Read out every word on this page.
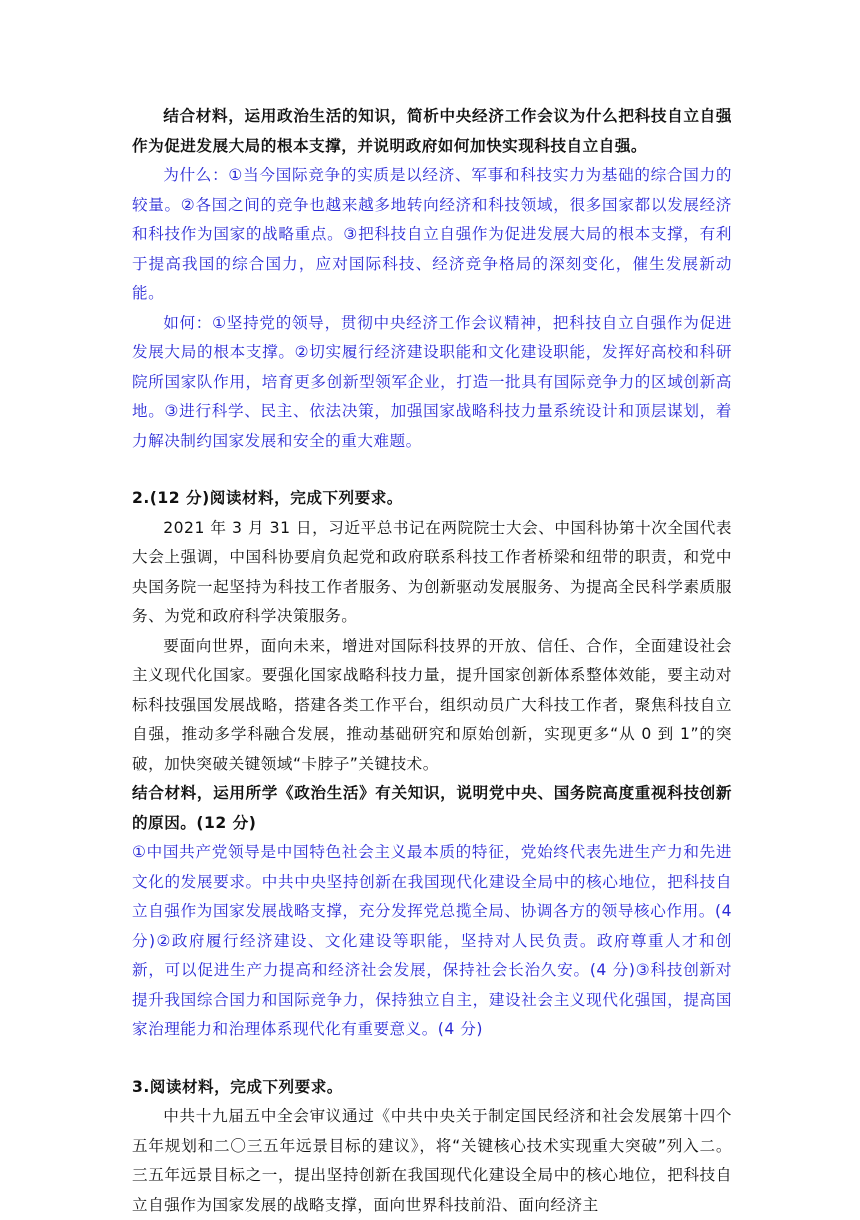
结合材料，运用政治生活的知识，简析中央经济工作会议为什么把科技自立自强作为促进发展大局的根本支撑，并说明政府如何加快实现科技自立自强。

为什么：①当今国际竞争的实质是以经济、军事和科技实力为基础的综合国力的较量。②各国之间的竞争也越来越多地转向经济和科技领域，很多国家都以发展经济和科技作为国家的战略重点。③把科技自立自强作为促进发展大局的根本支撑，有利于提高我国的综合国力，应对国际科技、经济竞争格局的深刻变化，催生发展新动能。

如何：①坚持党的领导，贯彻中央经济工作会议精神，把科技自立自强作为促进发展大局的根本支撑。②切实履行经济建设职能和文化建设职能，发挥好高校和科研院所国家队作用，培育更多创新型领军企业，打造一批具有国际竞争力的区域创新高地。③进行科学、民主、依法决策，加强国家战略科技力量系统设计和顶层谋划，着力解决制约国家发展和安全的重大难题。

2.(12 分)阅读材料，完成下列要求。

2021 年 3 月 31 日，习近平总书记在两院院士大会、中国科协第十次全国代表大会上强调，中国科协要肩负起党和政府联系科技工作者桥梁和纽带的职责，和党中央国务院一起坚持为科技工作者服务、为创新驱动发展服务、为提高全民科学素质服务、为党和政府科学决策服务。

要面向世界，面向未来，增进对国际科技界的开放、信任、合作，全面建设社会主义现代化国家。要强化国家战略科技力量，提升国家创新体系整体效能，要主动对标科技强国发展战略，搭建各类工作平台，组织动员广大科技工作者，聚焦科技自立自强，推动多学科融合发展，推动基础研究和原始创新，实现更多“从 0 到 1”的突破，加快突破关键领域“卡脖子”关键技术。

结合材料，运用所学《政治生活》有关知识，说明党中央、国务院高度重视科技创新的原因。(12 分)

①中国共产党领导是中国特色社会主义最本质的特征，党始终代表先进生产力和先进文化的发展要求。中共中央坚持创新在我国现代化建设全局中的核心地位，把科技自立自强作为国家发展战略支撑，充分发挥党总揽全局、协调各方的领导核心作用。(4 分)②政府履行经济建设、文化建设等职能，坚持对人民负责。政府尊重人才和创新，可以促进生产力提高和经济社会发展，保持社会长治久安。(4 分)③科技创新对提升我国综合国力和国际竞争力，保持独立自主，建设社会主义现代化强国，提高国家治理能力和治理体系现代化有重要意义。(4 分)

3.阅读材料，完成下列要求。

中共十九届五中全会审议通过《中共中央关于制定国民经济和社会发展第十四个五年规划和二〇三五年远景目标的建议》，将“关键核心技术实现重大突破”列入二。三五年远景目标之一，提出坚持创新在我国现代化建设全局中的核心地位，把科技自立自强作为国家发展的战略支撑，面向世界科技前沿、面向经济主
